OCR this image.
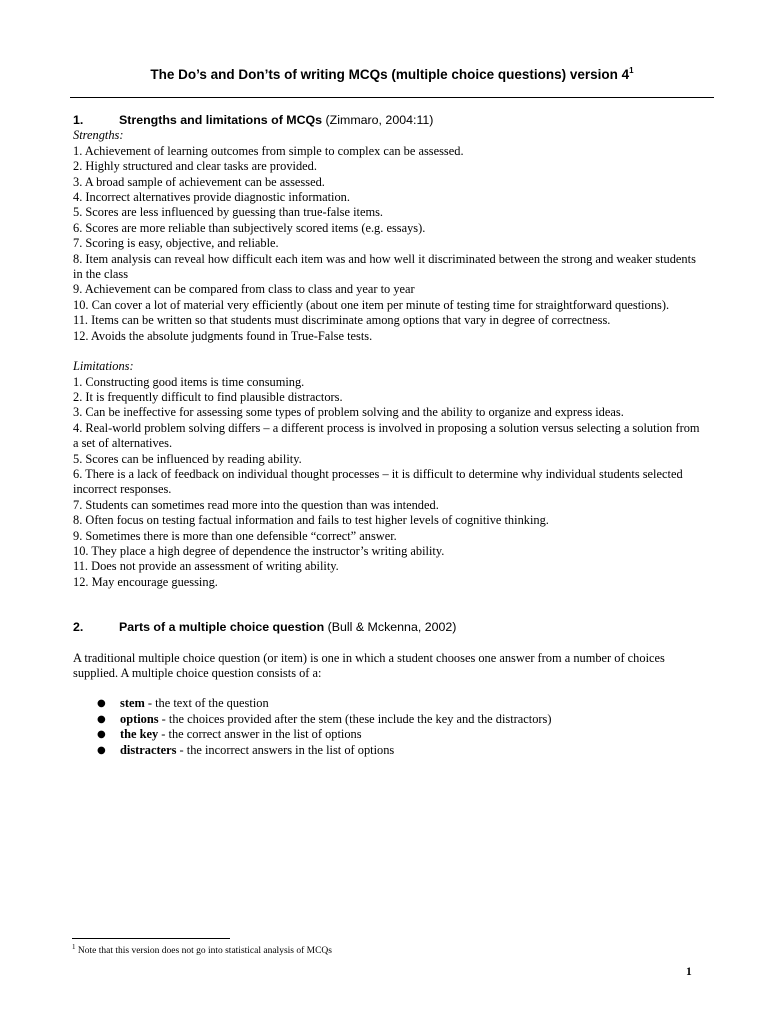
The Do’s and Don’ts of writing MCQs (multiple choice questions) version $4^1$
1.	Strengths and limitations of MCQs (Zimmaro, 2004:11)
Strengths:
1. Achievement of learning outcomes from simple to complex can be assessed.
2. Highly structured and clear tasks are provided.
3. A broad sample of achievement can be assessed.
4. Incorrect alternatives provide diagnostic information.
5. Scores are less influenced by guessing than true-false items.
6. Scores are more reliable than subjectively scored items (e.g. essays).
7. Scoring is easy, objective, and reliable.
8. Item analysis can reveal how difficult each item was and how well it discriminated between the strong and weaker students in the class
9. Achievement can be compared from class to class and year to year
10. Can cover a lot of material very efficiently (about one item per minute of testing time for straightforward questions).
11. Items can be written so that students must discriminate among options that vary in degree of correctness.
12. Avoids the absolute judgments found in True-False tests.
Limitations:
1. Constructing good items is time consuming.
2. It is frequently difficult to find plausible distractors.
3. Can be ineffective for assessing some types of problem solving and the ability to organize and express ideas.
4. Real-world problem solving differs – a different process is involved in proposing a solution versus selecting a solution from a set of alternatives.
5. Scores can be influenced by reading ability.
6. There is a lack of feedback on individual thought processes – it is difficult to determine why individual students selected incorrect responses.
7. Students can sometimes read more into the question than was intended.
8. Often focus on testing factual information and fails to test higher levels of cognitive thinking.
9. Sometimes there is more than one defensible “correct” answer.
10. They place a high degree of dependence the instructor’s writing ability.
11. Does not provide an assessment of writing ability.
12. May encourage guessing.
2.	Parts of a multiple choice question (Bull & Mckenna, 2002)

A traditional multiple choice question (or item) is one in which a student chooses one answer from a number of choices supplied. A multiple choice question consists of a:

● stem - the text of the question
● options - the choices provided after the stem (these include the key and the distractors)
● the key - the correct answer in the list of options
● distracters - the incorrect answers in the list of options
$^1$ Note that this version does not go into statistical analysis of MCQs
1
